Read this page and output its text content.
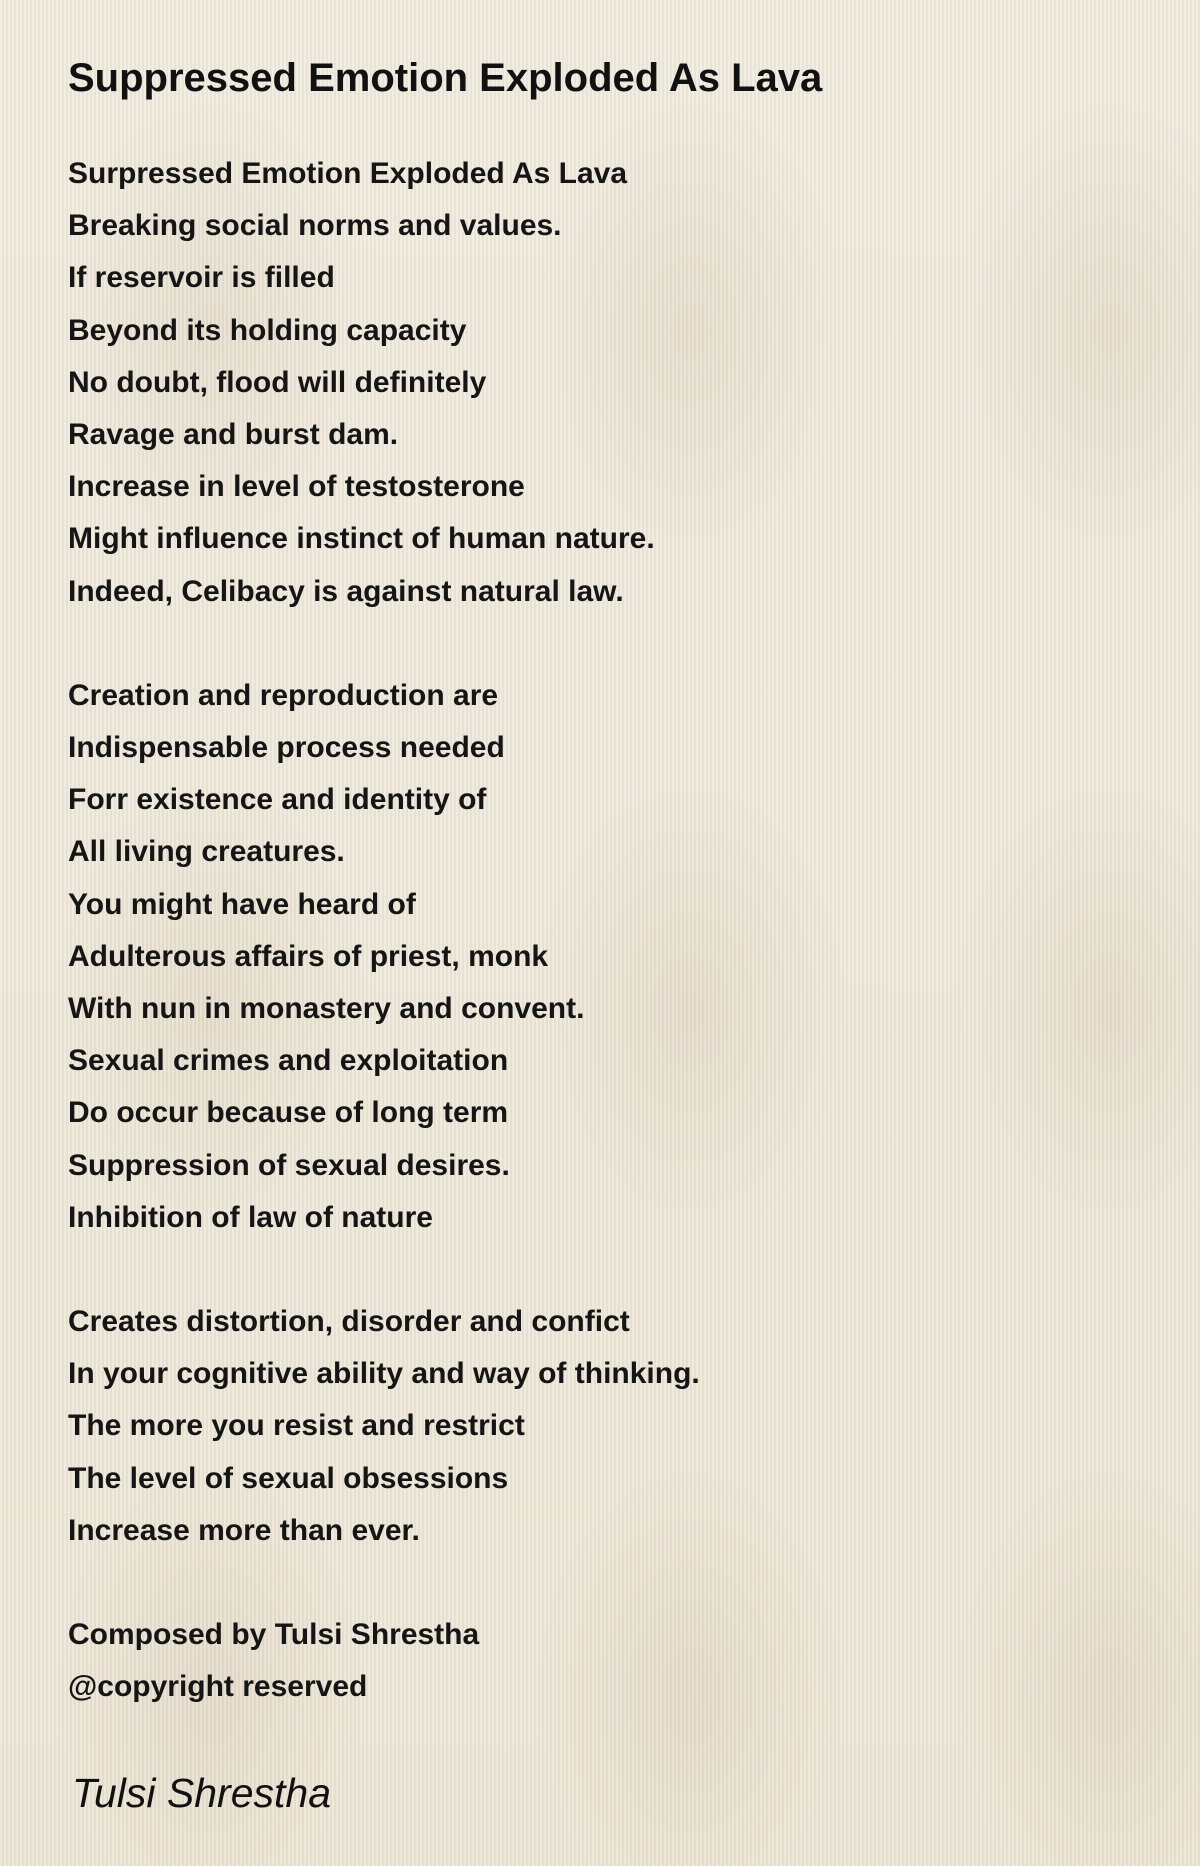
Suppressed Emotion Exploded As Lava
Surpressed Emotion Exploded As Lava
Breaking social norms and values.
If reservoir is filled
Beyond its holding capacity
No doubt, flood will definitely
Ravage and burst dam.
Increase in level of testosterone
Might influence instinct of human nature.
Indeed, Celibacy is against natural law.
Creation and reproduction are
Indispensable process needed
Forr existence and identity of
All living creatures.
You might have heard of
Adulterous affairs of priest, monk
With nun in monastery and convent.
Sexual crimes and exploitation
Do occur because of long term
Suppression of sexual desires.
Inhibition of law of nature
Creates distortion, disorder and confict
In your cognitive ability and way of thinking.
The more you resist and restrict
The level of sexual obsessions
Increase more than ever.
Composed by Tulsi Shrestha
@copyright reserved
Tulsi Shrestha
